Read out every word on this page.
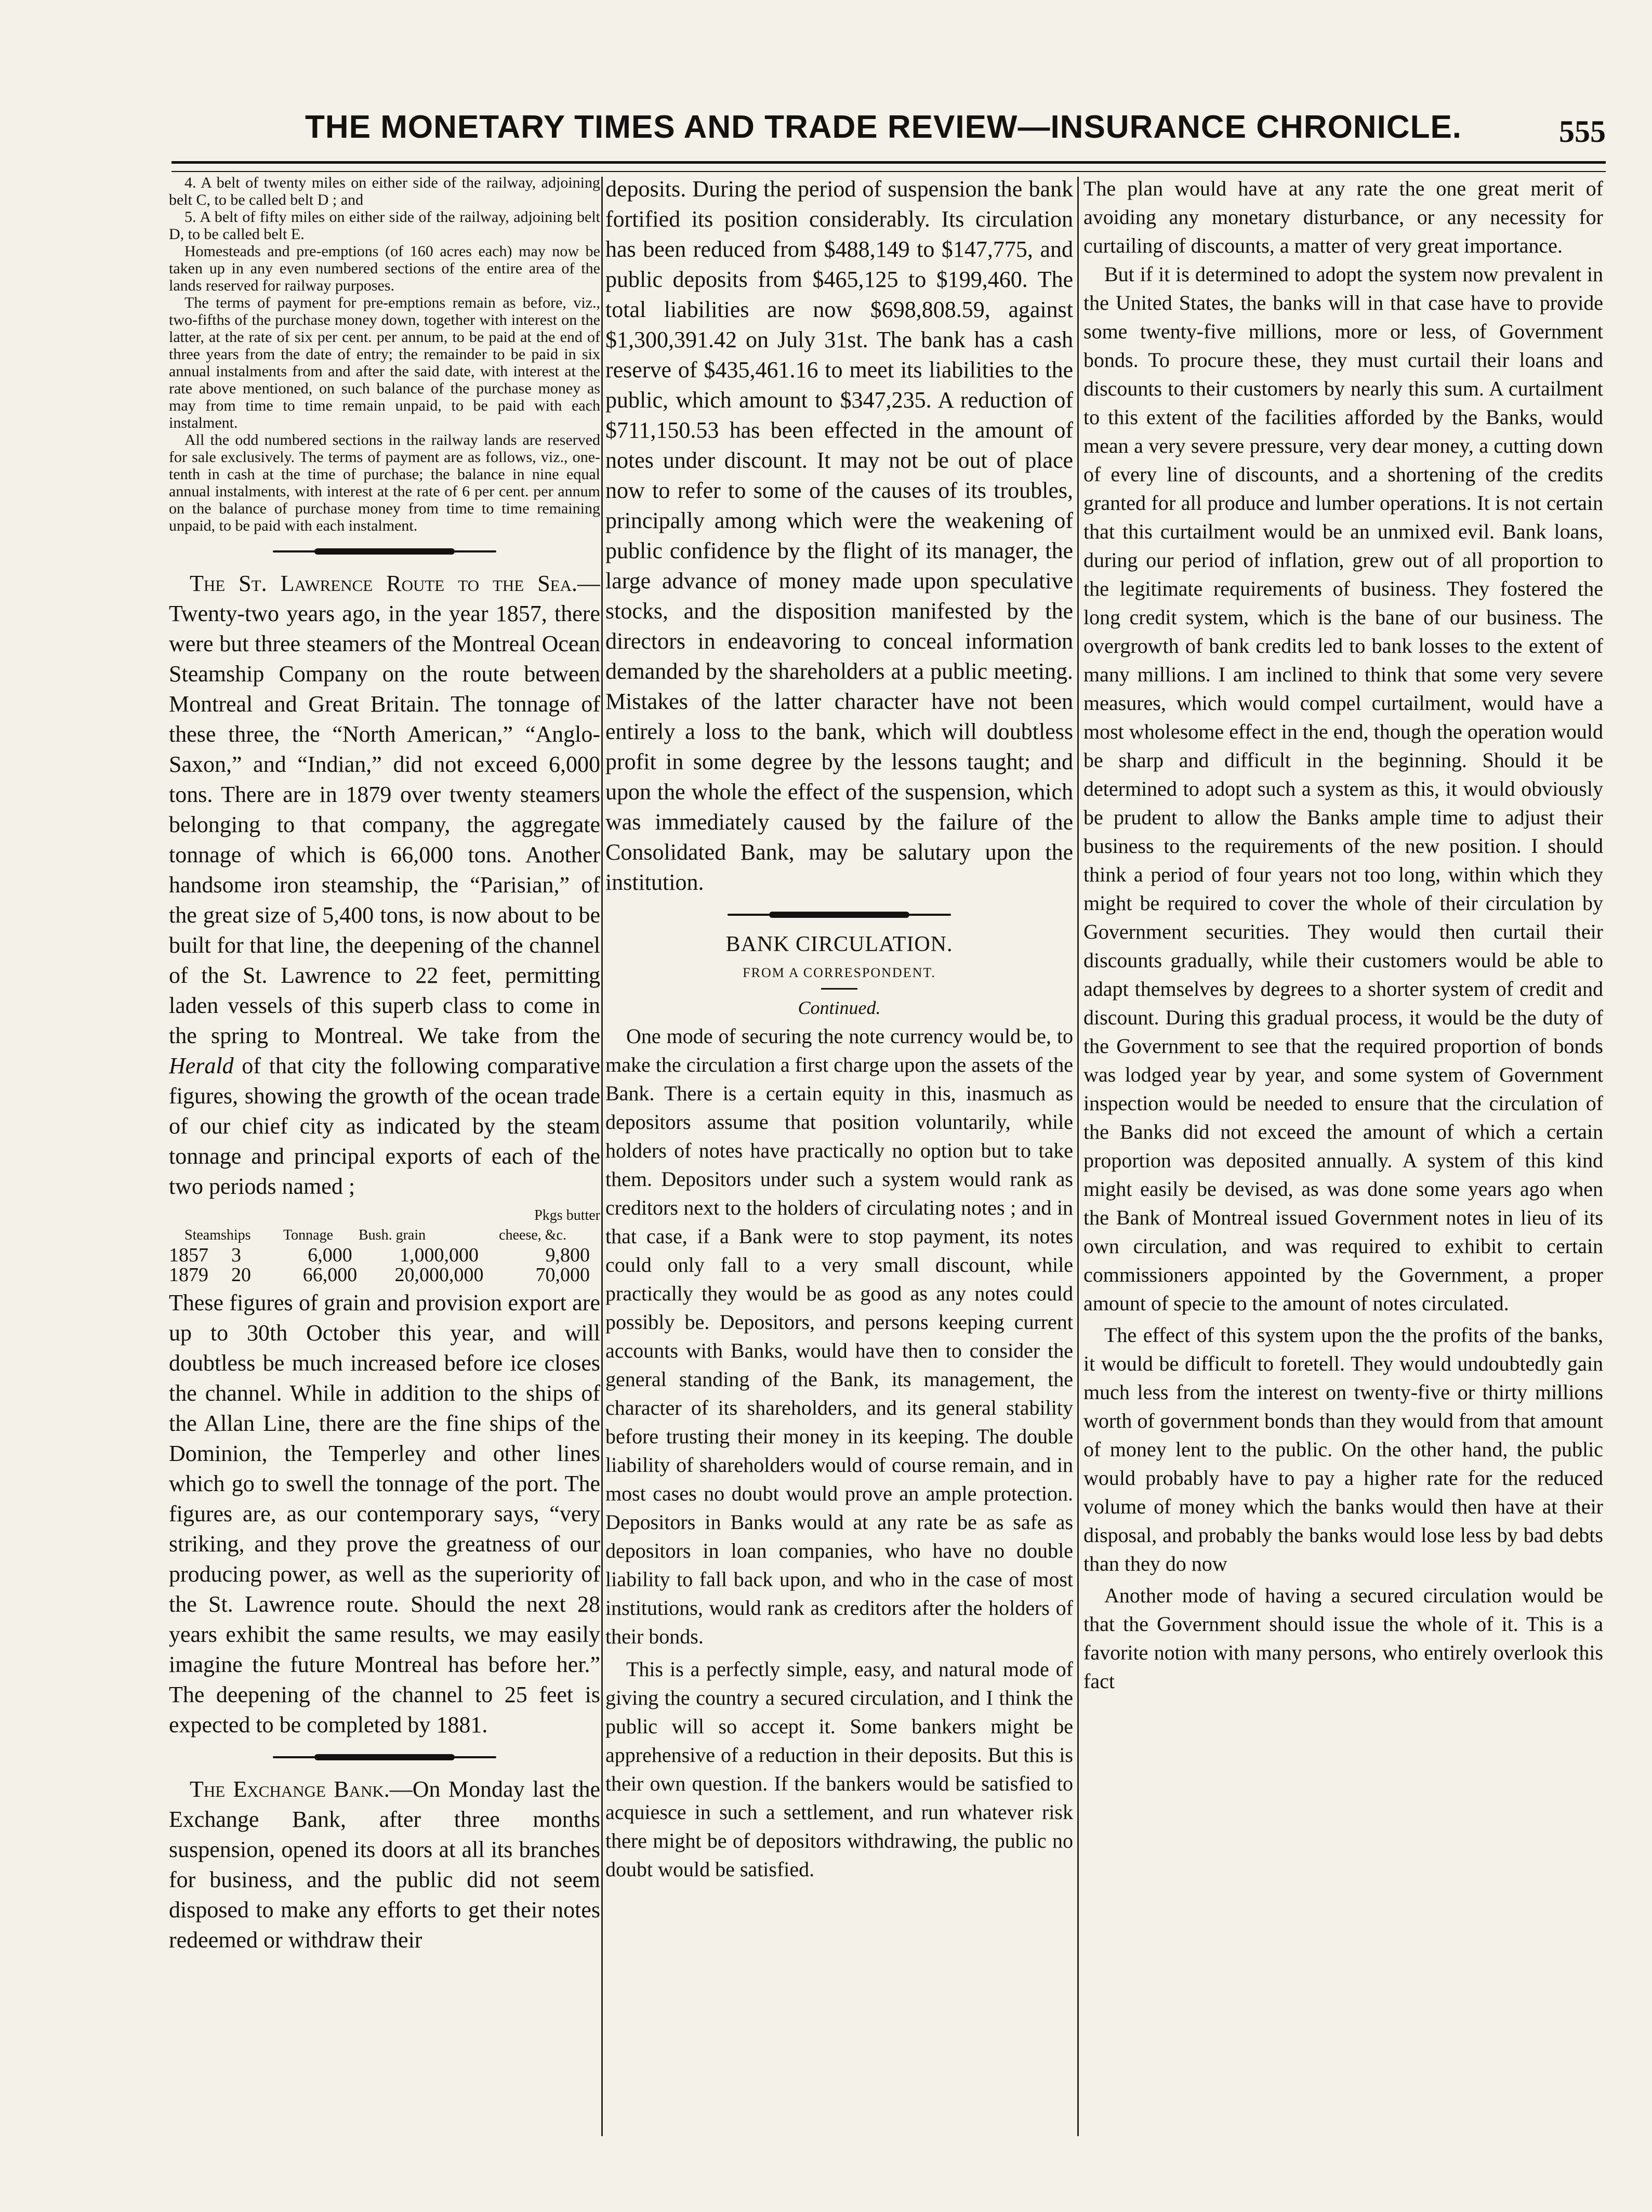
THE MONETARY TIMES AND TRADE REVIEW—INSURANCE CHRONICLE.	555

4. A belt of twenty miles on either side of the railway, adjoining belt C, to be called belt D ; and

5. A belt of fifty miles on either side of the railway, adjoining belt D, to be called belt E.

Homesteads and pre-emptions (of 160 acres each) may now be taken up in any even numbered sections of the entire area of the lands reserved for railway purposes.

The terms of payment for pre-emptions remain as before, viz., two-fifths of the purchase money down, together with interest on the latter, at the rate of six per cent. per annum, to be paid at the end of three years from the date of entry; the remainder to be paid in six annual instalments from and after the said date, with interest at the rate above mentioned, on such balance of the purchase money as may from time to time remain unpaid, to be paid with each instalment.

All the odd numbered sections in the railway lands are reserved for sale exclusively. The terms of payment are as follows, viz., one-tenth in cash at the time of purchase; the balance in nine equal annual instalments, with interest at the rate of 6 per cent. per annum on the balance of purchase money from time to time remaining unpaid, to be paid with each instalment.

The St. Lawrence Route to the Sea.—Twenty-two years ago, in the year 1857, there were but three steamers of the Montreal Ocean Steamship Company on the route between Montreal and Great Britain. The tonnage of these three, the “North American,” “Anglo-Saxon,” and “Indian,” did not exceed 6,000 tons. There are in 1879 over twenty steamers belonging to that company, the aggregate tonnage of which is 66,000 tons. Another handsome iron steamship, the “Parisian,” of the great size of 5,400 tons, is now about to be built for that line, the deepening of the channel of the St. Lawrence to 22 feet, permitting laden vessels of this superb class to come in the spring to Montreal. We take from the Herald of that city the following comparative figures, showing the growth of the ocean trade of our chief city as indicated by the steam tonnage and principal exports of each of the two periods named ;

Pkgs butter
Steamships	Tonnage	Bush. grain	cheese, &c.
1857	3	6,000	1,000,000	9,800
1879	20	66,000	20,000,000	70,000

These figures of grain and provision export are up to 30th October this year, and will doubtless be much increased before ice closes the channel. While in addition to the ships of the Allan Line, there are the fine ships of the Dominion, the Temperley and other lines which go to swell the tonnage of the port. The figures are, as our contemporary says, “very striking, and they prove the greatness of our producing power, as well as the superiority of the St. Lawrence route. Should the next 28 years exhibit the same results, we may easily imagine the future Montreal has before her.” The deepening of the channel to 25 feet is expected to be completed by 1881.

The Exchange Bank.—On Monday last the Exchange Bank, after three months suspension, opened its doors at all its branches for business, and the public did not seem disposed to make any efforts to get their notes redeemed or withdraw their

deposits. During the period of suspension the bank fortified its position considerably. Its circulation has been reduced from $488,149 to $147,775, and public deposits from $465,125 to $199,460. The total liabilities are now $698,808.59, against $1,300,391.42 on July 31st. The bank has a cash reserve of $435,461.16 to meet its liabilities to the public, which amount to $347,235. A reduction of $711,150.53 has been effected in the amount of notes under discount. It may not be out of place now to refer to some of the causes of its troubles, principally among which were the weakening of public confidence by the flight of its manager, the large advance of money made upon speculative stocks, and the disposition manifested by the directors in endeavoring to conceal information demanded by the shareholders at a public meeting. Mistakes of the latter character have not been entirely a loss to the bank, which will doubtless profit in some degree by the lessons taught; and upon the whole the effect of the suspension, which was immediately caused by the failure of the Consolidated Bank, may be salutary upon the institution.

BANK CIRCULATION.
FROM A CORRESPONDENT.
Continued.

One mode of securing the note currency would be, to make the circulation a first charge upon the assets of the Bank. There is a certain equity in this, inasmuch as depositors assume that position voluntarily, while holders of notes have practically no option but to take them. Depositors under such a system would rank as creditors next to the holders of circulating notes ; and in that case, if a Bank were to stop payment, its notes could only fall to a very small discount, while practically they would be as good as any notes could possibly be. Depositors, and persons keeping current accounts with Banks, would have then to consider the general standing of the Bank, its management, the character of its shareholders, and its general stability before trusting their money in its keeping. The double liability of shareholders would of course remain, and in most cases no doubt would prove an ample protection. Depositors in Banks would at any rate be as safe as depositors in loan companies, who have no double liability to fall back upon, and who in the case of most institutions, would rank as creditors after the holders of their bonds.

This is a perfectly simple, easy, and natural mode of giving the country a secured circulation, and I think the public will so accept it. Some bankers might be apprehensive of a reduction in their deposits. But this is their own question. If the bankers would be satisfied to acquiesce in such a settlement, and run whatever risk there might be of depositors withdrawing, the public no doubt would be satisfied.

The plan would have at any rate the one great merit of avoiding any monetary disturbance, or any necessity for curtailing of discounts, a matter of very great importance.

But if it is determined to adopt the system now prevalent in the United States, the banks will in that case have to provide some twenty-five millions, more or less, of Government bonds. To procure these, they must curtail their loans and discounts to their customers by nearly this sum. A curtailment to this extent of the facilities afforded by the Banks, would mean a very severe pressure, very dear money, a cutting down of every line of discounts, and a shortening of the credits granted for all produce and lumber operations. It is not certain that this curtailment would be an unmixed evil. Bank loans, during our period of inflation, grew out of all proportion to the legitimate requirements of business. They fostered the long credit system, which is the bane of our business. The overgrowth of bank credits led to bank losses to the extent of many millions. I am inclined to think that some very severe measures, which would compel curtailment, would have a most wholesome effect in the end, though the operation would be sharp and difficult in the beginning. Should it be determined to adopt such a system as this, it would obviously be prudent to allow the Banks ample time to adjust their business to the requirements of the new position. I should think a period of four years not too long, within which they might be required to cover the whole of their circulation by Government securities. They would then curtail their discounts gradually, while their customers would be able to adapt themselves by degrees to a shorter system of credit and discount. During this gradual process, it would be the duty of the Government to see that the required proportion of bonds was lodged year by year, and some system of Government inspection would be needed to ensure that the circulation of the Banks did not exceed the amount of which a certain proportion was deposited annually. A system of this kind might easily be devised, as was done some years ago when the Bank of Montreal issued Government notes in lieu of its own circulation, and was required to exhibit to certain commissioners appointed by the Government, a proper amount of specie to the amount of notes circulated.

The effect of this system upon the the profits of the banks, it would be difficult to foretell. They would undoubtedly gain much less from the interest on twenty-five or thirty millions worth of government bonds than they would from that amount of money lent to the public. On the other hand, the public would probably have to pay a higher rate for the reduced volume of money which the banks would then have at their disposal, and probably the banks would lose less by bad debts than they do now

Another mode of having a secured circulation would be that the Government should issue the whole of it. This is a favorite notion with many persons, who entirely overlook this fact
